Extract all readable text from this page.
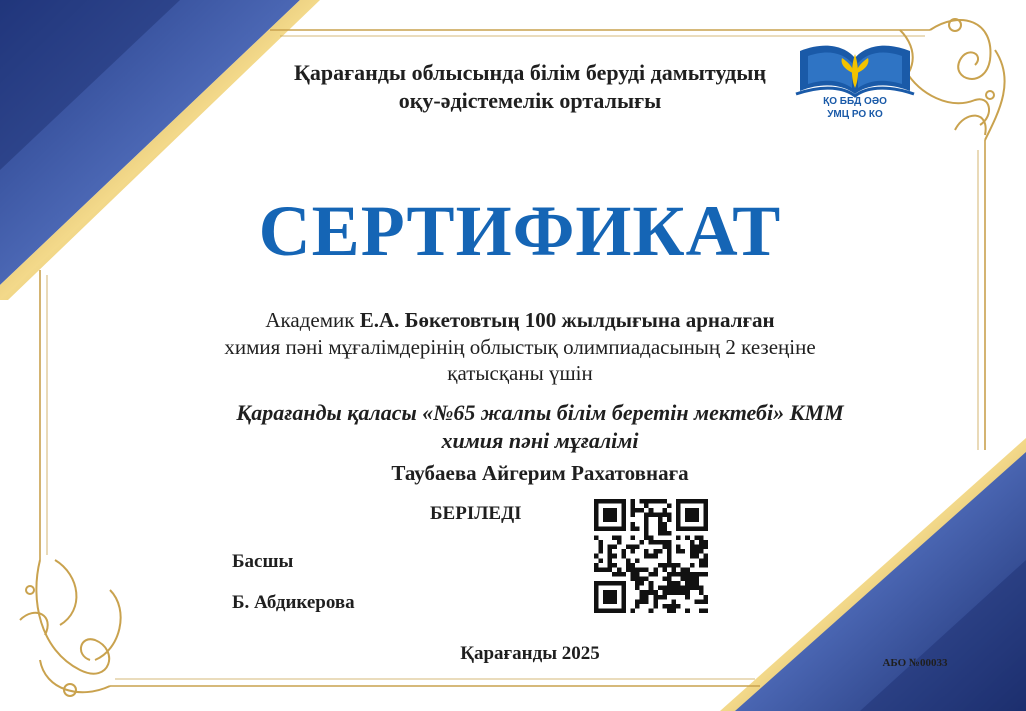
Қарағанды облысында білім беруді дамытудың
оқу-әдістемелік орталығы	ҚО ББД ОӘО
УМЦ РО КО
СЕРТИФИКАТ
Академик Е.А. Бөкетовтың 100 жылдығына арналған
химия пәні мұғалімдерінің облыстық олимпиадасының 2 кезеңіне
қатысқаны үшін
Қарағанды қаласы «№65 жалпы білім беретін мектебі» КММ
химия пәні мұғалімі
Таубаева Айгерим Рахатовнаға
БЕРІЛЕДІ
Басшы
Б. Абдикерова
Қарағанды 2025	АБО №00033
